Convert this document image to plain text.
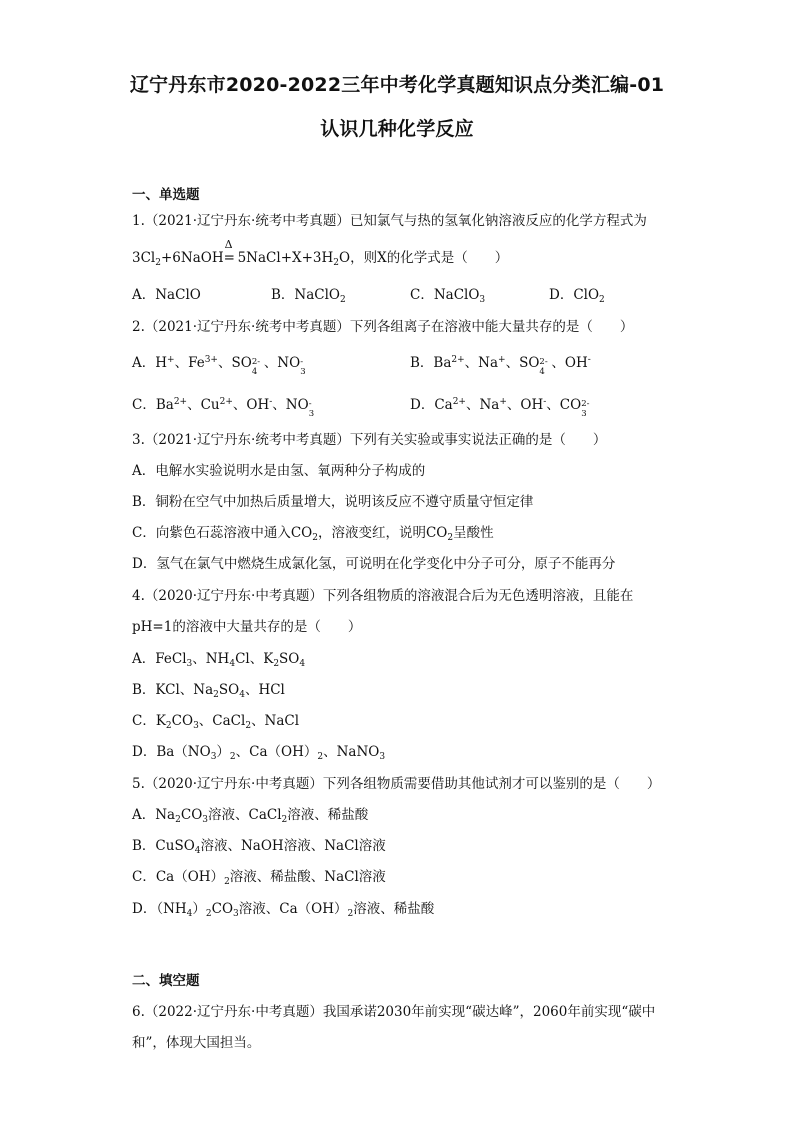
辽宁丹东市2020-2022三年中考化学真题知识点分类汇编-01
认识几种化学反应
一、单选题
1.（2021·辽宁丹东·统考中考真题）已知氯气与热的氢氧化钠溶液反应的化学方程式为
$3Cl_2+6NaOH$
Δ
= $5NaCl+X+3H_2O$，则X的化学式是（　　）
A．NaClO	B．NaClO$_2$	C．NaClO$_3$	D．ClO$_2$
2.（2021·辽宁丹东·统考中考真题）下列各组离子在溶液中能大量共存的是（　　）
A．H+、$Fe^{3+}$、SO 2-
4
、NO -
3
B．$Ba^{2+}$、Na+、SO 2-
4
、OH-
C．$Ba^{2+}$、$Cu^{2+}$、OH-、NO -
3
D．$Ca^{2+}$、Na+、OH-、CO 2-
3
3.（2021·辽宁丹东·统考中考真题）下列有关实验或事实说法正确的是（　　）
A．电解水实验说明水是由氢、氧两种分子构成的
B．铜粉在空气中加热后质量增大，说明该反应不遵守质量守恒定律
C．向紫色石蕊溶液中通入$CO_2$，溶液变红，说明$CO_2$呈酸性
D．氢气在氯气中燃烧生成氯化氢，可说明在化学变化中分子可分，原子不能再分
4.（2020·辽宁丹东·中考真题）下列各组物质的溶液混合后为无色透明溶液，且能在
pH=1的溶液中大量共存的是（　　）
A．FeCl$_3$、$NH_4Cl$、$K_2SO_4$
B．KCl、$Na_2SO_4$、HCl
C．$K_2CO_3$、CaCl$_2$、NaCl
D．$Ba(NO_3)_2$、$Ca(OH)_2$、NaNO$_3$
5.（2020·辽宁丹东·中考真题）下列各组物质需要借助其他试剂才可以鉴别的是（　　）
A．$Na_2CO_3$溶液、CaCl$_2$溶液、稀盐酸
B．CuSO$_4$溶液、NaOH溶液、NaCl溶液
C．$Ca(OH)_2$溶液、稀盐酸、NaCl溶液
D．$(NH_4)_2CO_3$溶液、$Ca(OH)_2$溶液、稀盐酸
二、填空题
6.（2022·辽宁丹东·中考真题）我国承诺2030年前实现“碳达峰”，2060年前实现“碳中
和”，体现大国担当。
